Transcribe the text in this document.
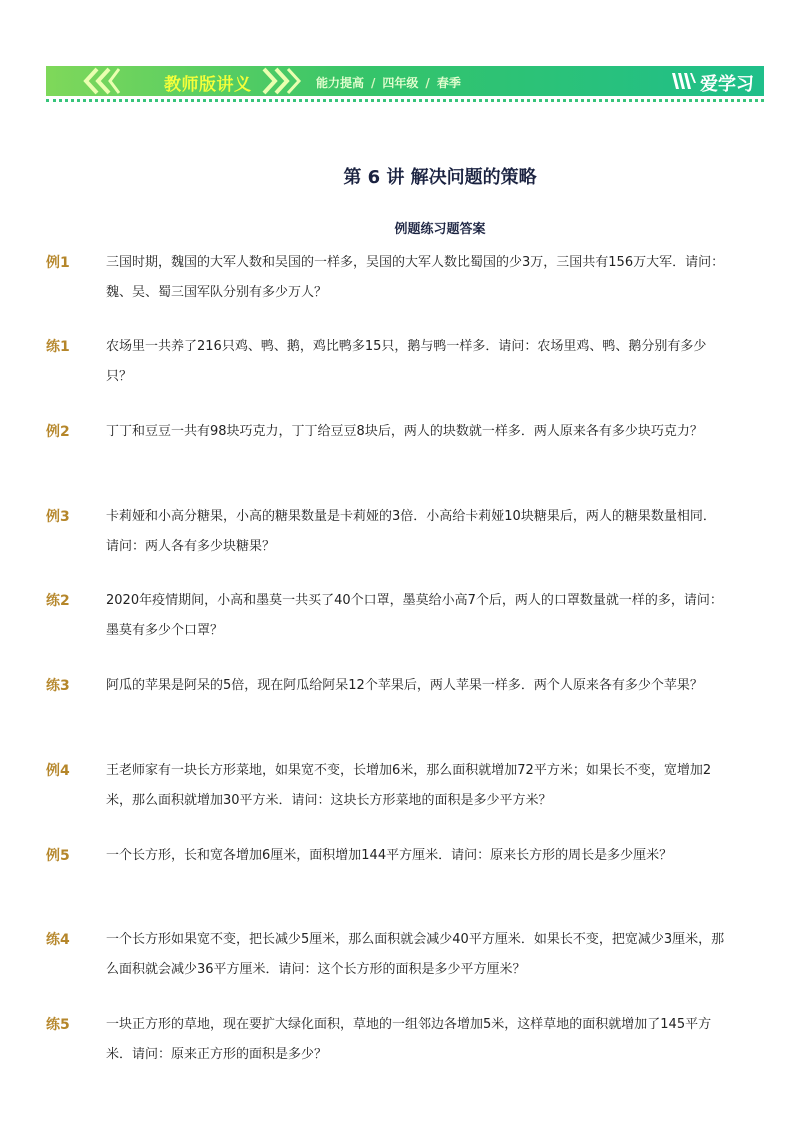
教师版讲义	能力提高 / 四年级 / 春季	爱学习
第 6 讲 解决问题的策略
例题练习题答案
例1	三国时期，魏国的大军人数和吴国的一样多，吴国的大军人数比蜀国的少3万，三国共有156万大军．请问：魏、吴、蜀三国军队分别有多少万人？
练1	农场里一共养了216只鸡、鸭、鹅，鸡比鸭多15只，鹅与鸭一样多．请问：农场里鸡、鸭、鹅分别有多少只？
例2	丁丁和豆豆一共有98块巧克力，丁丁给豆豆8块后，两人的块数就一样多．两人原来各有多少块巧克力？
例3	卡莉娅和小高分糖果，小高的糖果数量是卡莉娅的3倍．小高给卡莉娅10块糖果后，两人的糖果数量相同．请问：两人各有多少块糖果？
练2	2020年疫情期间，小高和墨莫一共买了40个口罩，墨莫给小高7个后，两人的口罩数量就一样的多，请问：墨莫有多少个口罩？
练3	阿瓜的苹果是阿呆的5倍，现在阿瓜给阿呆12个苹果后，两人苹果一样多．两个人原来各有多少个苹果？
例4	王老师家有一块长方形菜地，如果宽不变，长增加6米，那么面积就增加72平方米；如果长不变，宽增加2米，那么面积就增加30平方米．请问：这块长方形菜地的面积是多少平方米？
例5	一个长方形，长和宽各增加6厘米，面积增加144平方厘米．请问：原来长方形的周长是多少厘米？
练4	一个长方形如果宽不变，把长减少5厘米，那么面积就会减少40平方厘米．如果长不变，把宽减少3厘米，那么面积就会减少36平方厘米．请问：这个长方形的面积是多少平方厘米？
练5	一块正方形的草地，现在要扩大绿化面积，草地的一组邻边各增加5米，这样草地的面积就增加了145平方米．请问：原来正方形的面积是多少？
